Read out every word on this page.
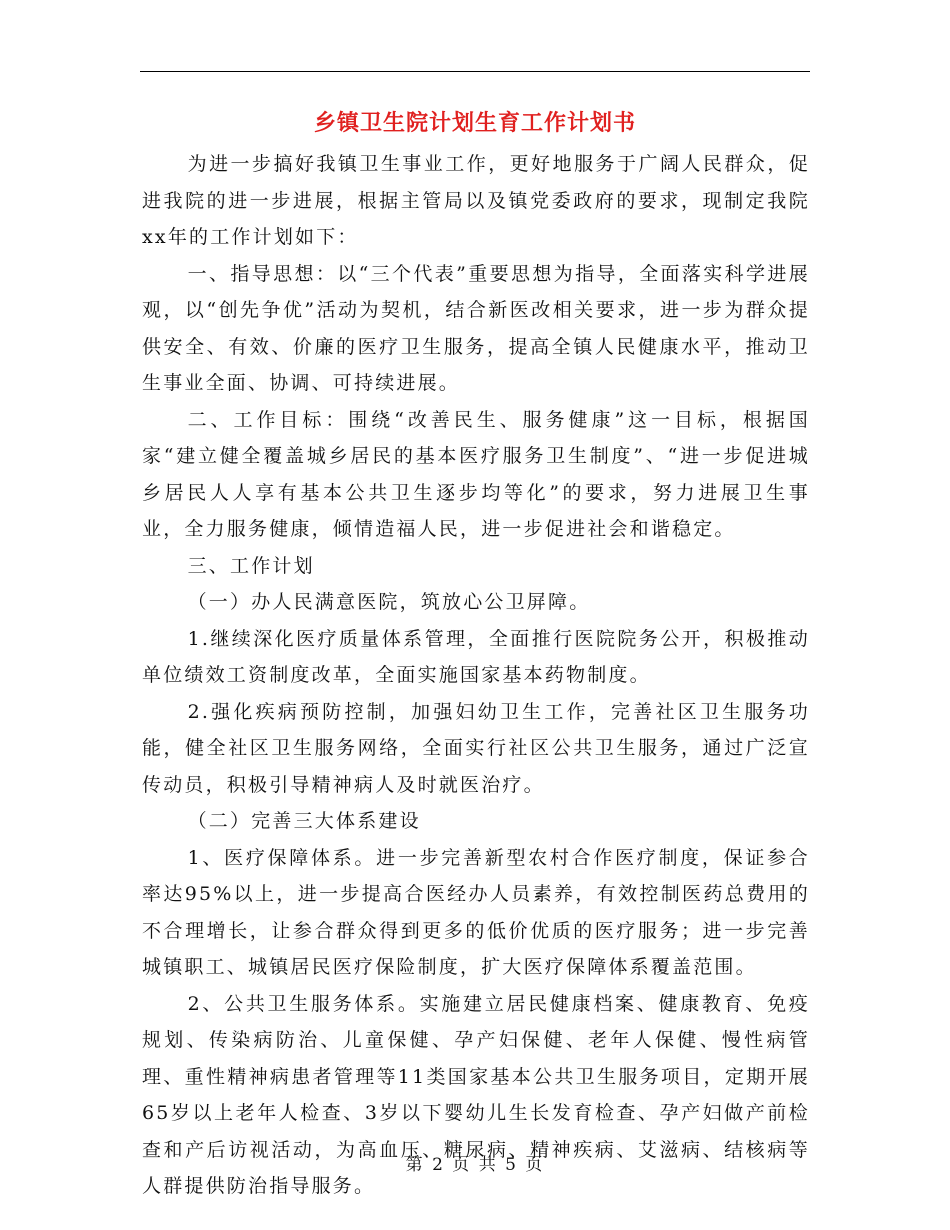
乡镇卫生院计划生育工作计划书

为进一步搞好我镇卫生事业工作，更好地服务于广阔人民群众，促进我院的进一步进展，根据主管局以及镇党委政府的要求，现制定我院xx年的工作计划如下：

一、指导思想：以“三个代表”重要思想为指导，全面落实科学进展观，以“创先争优”活动为契机，结合新医改相关要求，进一步为群众提供安全、有效、价廉的医疗卫生服务，提高全镇人民健康水平，推动卫生事业全面、协调、可持续进展。

二、工作目标：围绕“改善民生、服务健康”这一目标，根据国家“建立健全覆盖城乡居民的基本医疗服务卫生制度”、“进一步促进城乡居民人人享有基本公共卫生逐步均等化”的要求，努力进展卫生事业，全力服务健康，倾情造福人民，进一步促进社会和谐稳定。

三、工作计划

（一）办人民满意医院，筑放心公卫屏障。

1.继续深化医疗质量体系管理，全面推行医院院务公开，积极推动单位绩效工资制度改革，全面实施国家基本药物制度。

2.强化疾病预防控制，加强妇幼卫生工作，完善社区卫生服务功能，健全社区卫生服务网络，全面实行社区公共卫生服务，通过广泛宣传动员，积极引导精神病人及时就医治疗。

（二）完善三大体系建设

1、医疗保障体系。进一步完善新型农村合作医疗制度，保证参合率达95%以上，进一步提高合医经办人员素养，有效控制医药总费用的不合理增长，让参合群众得到更多的低价优质的医疗服务；进一步完善城镇职工、城镇居民医疗保险制度，扩大医疗保障体系覆盖范围。

2、公共卫生服务体系。实施建立居民健康档案、健康教育、免疫规划、传染病防治、儿童保健、孕产妇保健、老年人保健、慢性病管理、重性精神病患者管理等11类国家基本公共卫生服务项目，定期开展65岁以上老年人检查、3岁以下婴幼儿生长发育检查、孕产妇做产前检查和产后访视活动，为高血压、糖尿病、精神疾病、艾滋病、结核病等人群提供防治指导服务。

第 2 页 共 5 页
